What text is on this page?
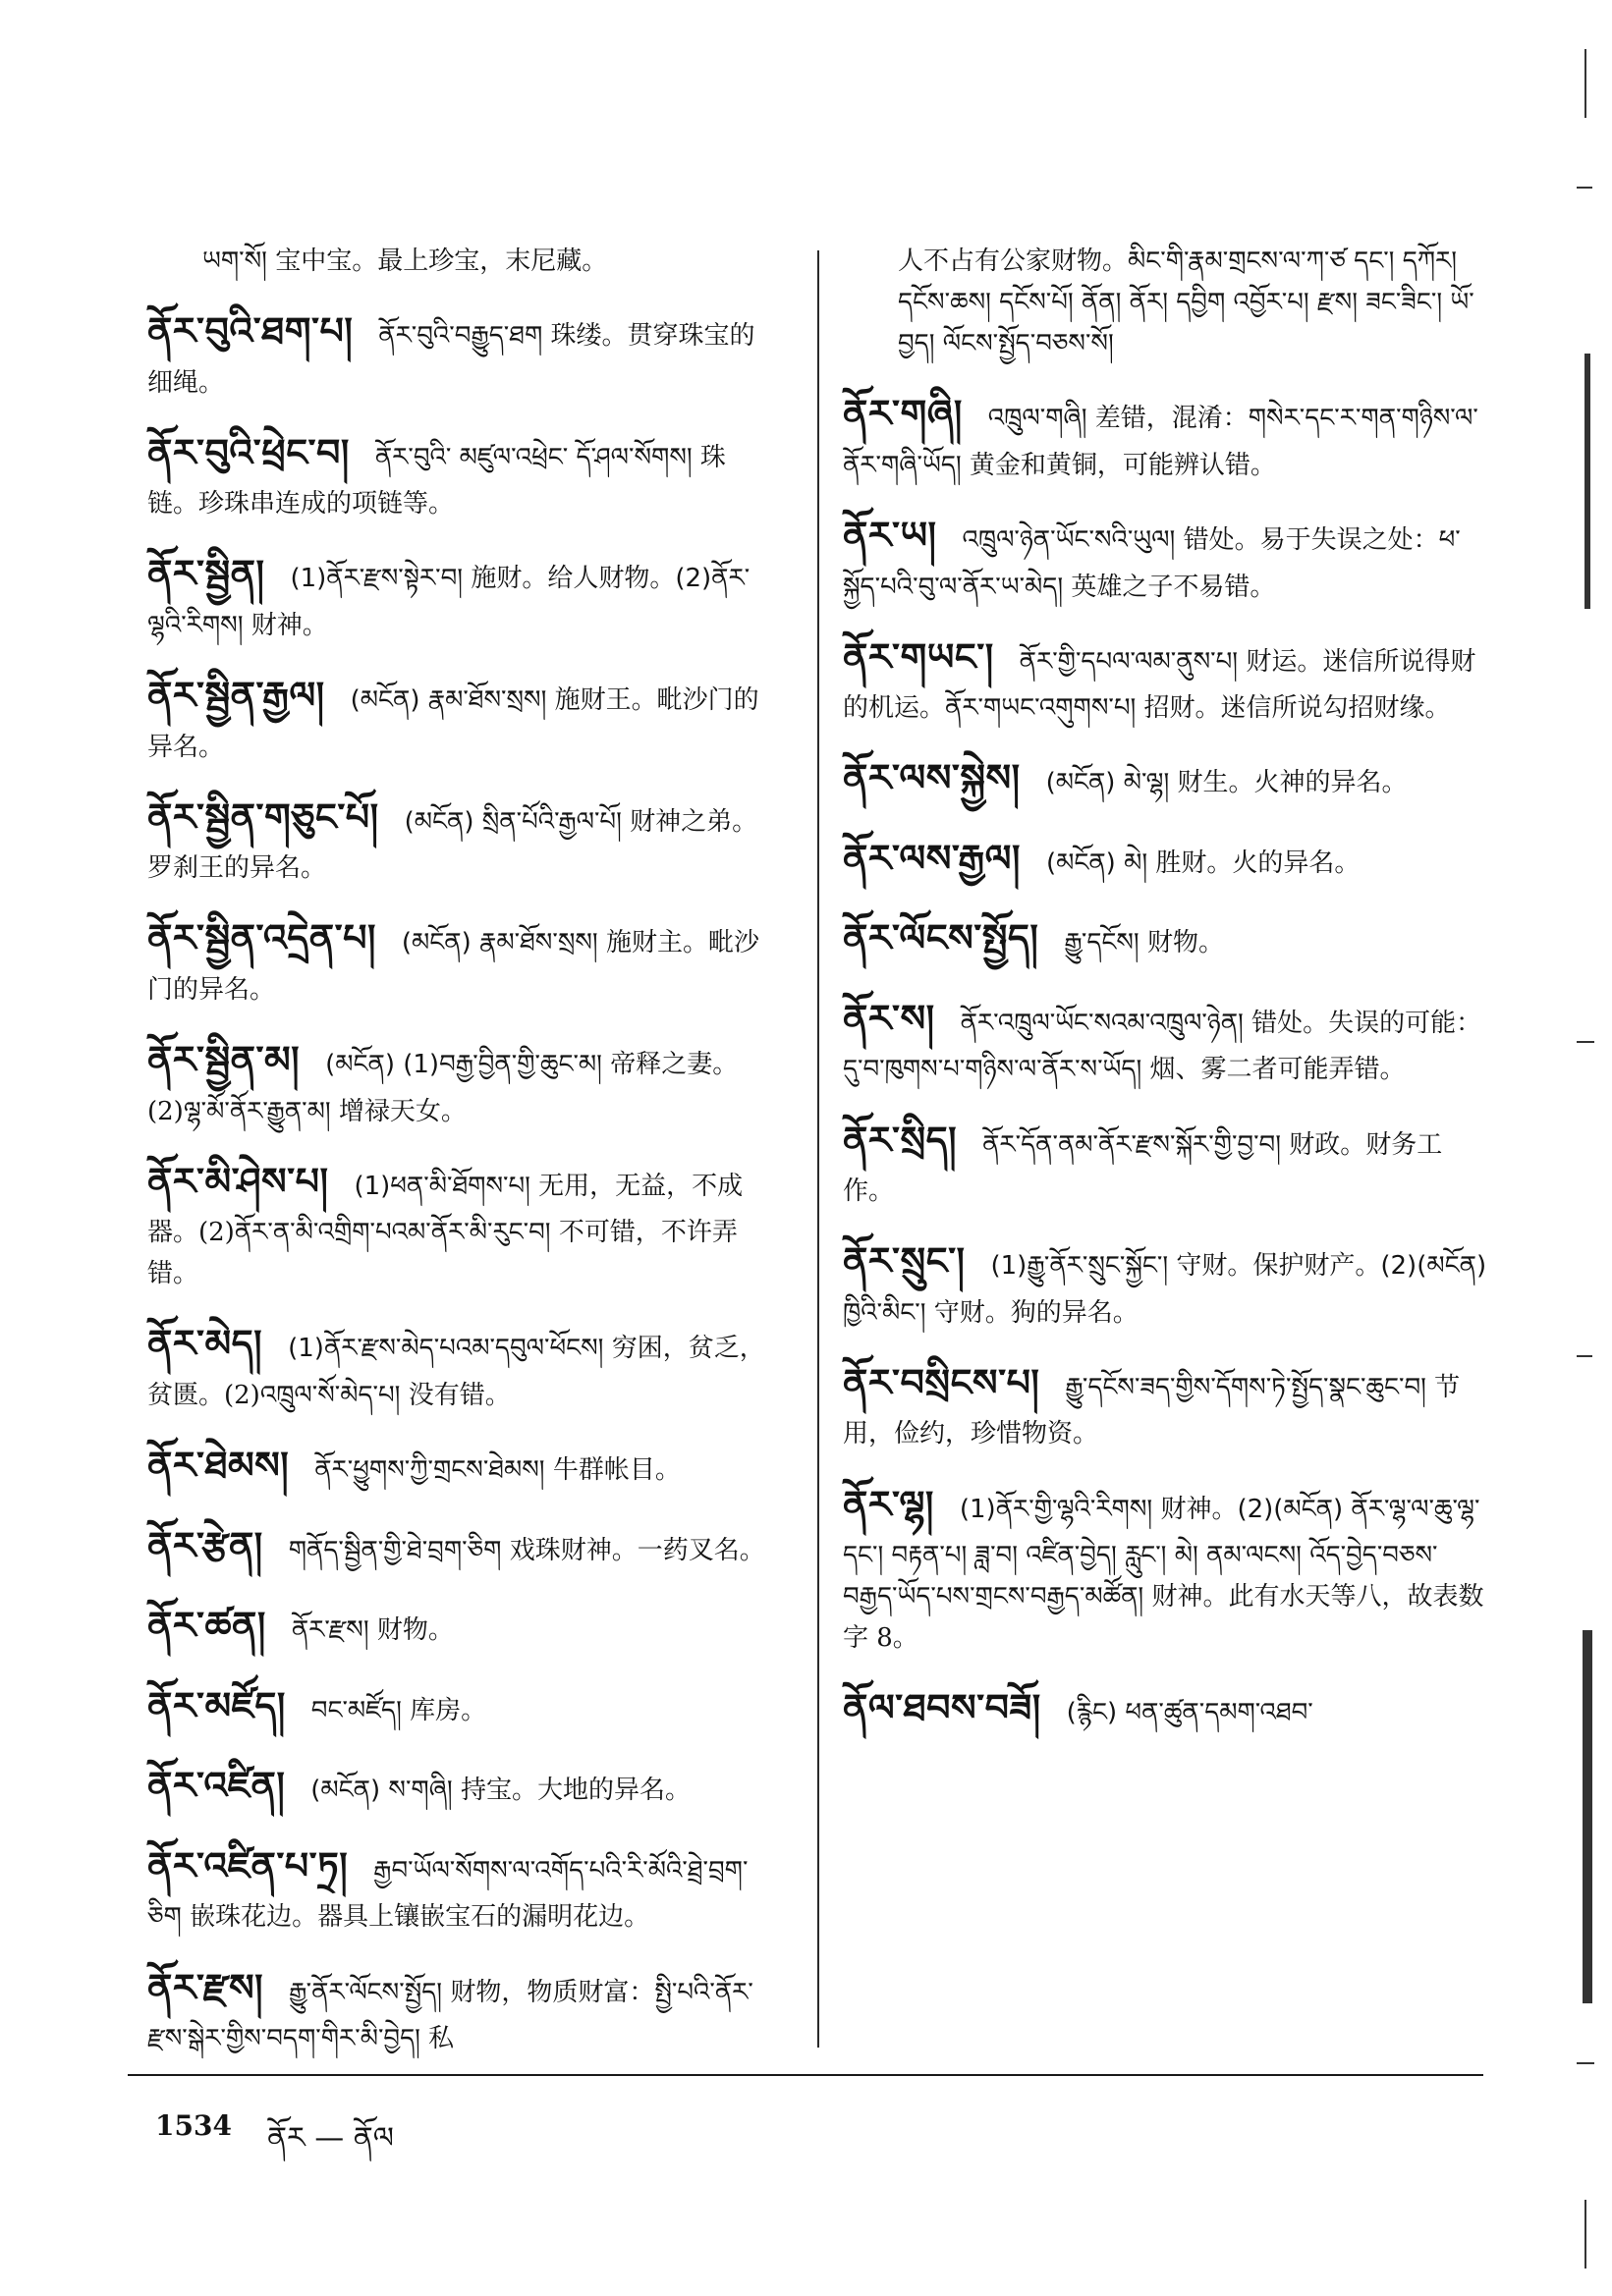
ཡག་སོ། 宝中宝。最上珍宝，末尼藏。
ནོར་བུའི་ཐག་པ། ནོར་བུའི་བརྒྱུད་ཐག 珠缕。贯穿珠宝的细绳。
ནོར་བུའི་ཕྲེང་བ། ནོར་བུའི་ མཛུལ་འཕྲེང་ དོ་ཤལ་སོགས། 珠链。珍珠串连成的项链等。
ནོར་སྦྱིན། (1)ནོར་རྫས་སྟེར་བ། 施财。给人财物。(2)ནོར་ལྷའི་རིགས། 财神。
ནོར་སྦྱིན་རྒྱལ། (མངོན) རྣམ་ཐོས་སྲས། 施财王。毗沙门的异名。
ནོར་སྦྱིན་གཅུང་པོ། (མངོན) སྲིན་པོའི་རྒྱལ་པོ། 财神之弟。罗刹王的异名。
ནོར་སྦྱིན་འདྲེན་པ། (མངོན) རྣམ་ཐོས་སྲས། 施财主。毗沙门的异名。
ནོར་སྦྱིན་མ། (མངོན) (1)བརྒྱ་བྱིན་གྱི་ཆུང་མ། 帝释之妻。(2)ལྷ་མོ་ནོར་རྒྱུན་མ། 增禄天女。
ནོར་མི་ཤེས་པ། (1)ཕན་མི་ཐོགས་པ། 无用，无益，不成器。(2)ནོར་ན་མི་འགྲིག་པའམ་ནོར་མི་རུང་བ། 不可错，不许弄错。
ནོར་མེད། (1)ནོར་རྫས་མེད་པའམ་དབུལ་ཕོངས། 穷困，贫乏，贫匮。(2)འཁྲུལ་སོ་མེད་པ། 没有错。
ནོར་ཐེམས། ནོར་ཕྱུགས་ཀྱི་གྲངས་ཐེམས། 牛群帐目。
ནོར་རྩེན། གནོད་སྦྱིན་གྱི་ཐེ་བྲག་ཅིག 戏珠财神。一药叉名。
ནོར་ཚན། ནོར་རྫས། 财物。
ནོར་མཛོད། བང་མཛོད། 库房。
ནོར་འཛིན། (མངོན) ས་གཞི། 持宝。大地的异名。
ནོར་འཛིན་པ་ཏྲ། རྒྱབ་ཡོལ་སོགས་ལ་འགོད་པའི་རི་མོའི་ཐྲེ་བྲག་ཅིག 嵌珠花边。器具上镶嵌宝石的漏明花边。
ནོར་རྫས། རྒྱུ་ནོར་ལོངས་སྤྱོད། 财物，物质财富：སྤྱི་པའི་ནོར་རྫས་སྒེར་གྱིས་བདག་གིར་མི་བྱེད། 私
人不占有公家财物。མིང་གི་རྣམ་གྲངས་ལ་ཀ་ཙ དང་། དཀོར། དངོས་ཆས། དངོས་པོ། ནོན། ནོར། དབྱིག འབྱོར་པ། རྫས། ཟང་ཟིང་། ཡོ་བྱད། ལོངས་སྤྱོད་བཅས་སོ།
ནོར་གཞི། འཁྲུལ་གཞི། 差错，混淆：གསེར་དང་ར་གན་གཉིས་ལ་ནོར་གཞི་ཡོད། 黄金和黄铜，可能辨认错。
ནོར་ཡ། འཁྲུལ་ཉེན་ཡོང་སའི་ཡུལ། 错处。易于失误之处：ཕ་སྐྱོད་པའི་བུ་ལ་ནོར་ཡ་མེད། 英雄之子不易错。
ནོར་གཡང་། ནོར་གྱི་དཔལ་ལམ་ནུས་པ། 财运。迷信所说得财的机运。ནོར་གཡང་འགུགས་པ། 招财。迷信所说勾招财缘。
ནོར་ལས་སྐྱེས། (མངོན) མེ་ལྷ། 财生。火神的异名。
ནོར་ལས་རྒྱལ། (མངོན) མེ། 胜财。火的异名。
ནོར་ལོངས་སྤྱོད། རྒྱུ་དངོས། 财物。
ནོར་ས། ནོར་འཁྲུལ་ཡོང་སའམ་འཁྲུལ་ཉེན། 错处。失误的可能：དུ་བ་ཁུགས་པ་གཉིས་ལ་ནོར་ས་ཡོད། 烟、雾二者可能弄错。
ནོར་སྲིད། ནོར་དོན་ནམ་ནོར་རྫས་སྐོར་གྱི་བྱ་བ། 财政。财务工作。
ནོར་སྲུང་། (1)རྒྱུ་ནོར་སྲུང་སྐྱོང་། 守财。保护财产。(2)(མངོན) ཁྱིའི་མིང་། 守财。狗的异名。
ནོར་བསྲིངས་པ། རྒྱུ་དངོས་ཟད་གྱིས་དོགས་ཏེ་སྤྱོད་སྣང་ཆུང་བ། 节用，俭约，珍惜物资。
ནོར་ལྷ། (1)ནོར་གྱི་ལྷའི་རིགས། 财神。(2)(མངོན) ནོར་ལྷ་ལ་ཆུ་ལྷ་དང་། བརྟན་པ། ཟླ་བ། འཛིན་བྱེད། རླུང་། མེ། ནམ་ལངས། འོད་བྱེད་བཅས་བརྒྱད་ཡོད་པས་གྲངས་བརྒྱད་མཚོན། 财神。此有水天等八，故表数字 8。
ནོལ་ཐབས་བཟོ། (རྙིང) ཕན་ཚུན་དམག་འཐབ་
1534 ནོར — ནོལ
